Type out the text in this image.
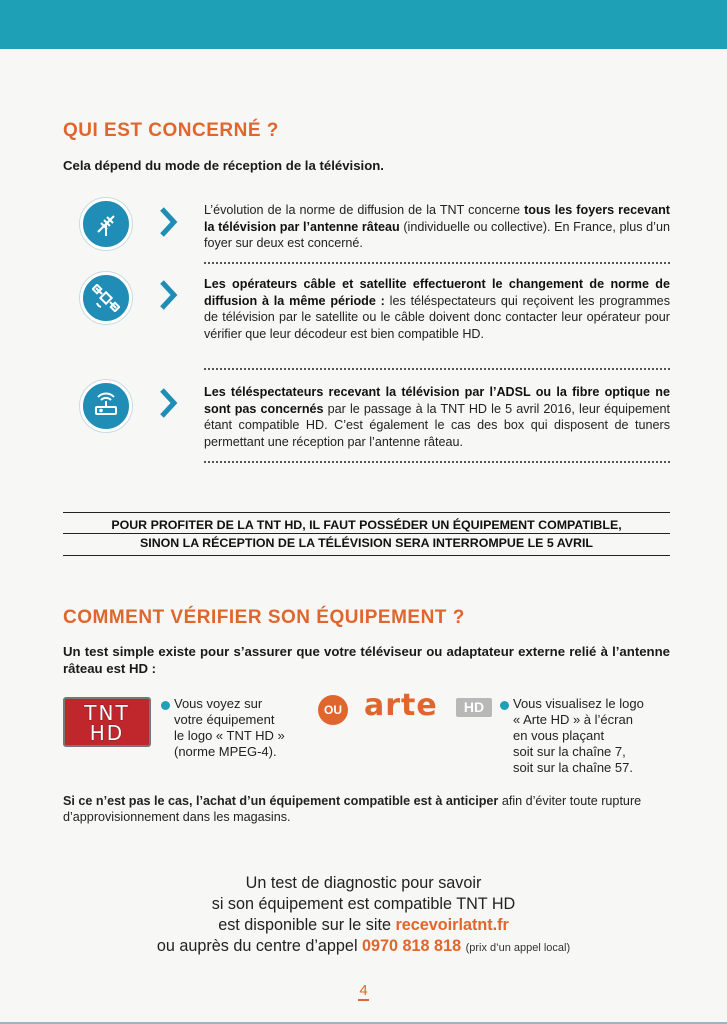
QUI EST CONCERNÉ ?
Cela dépend du mode de réception de la télévision.
L’évolution de la norme de diffusion de la TNT concerne tous les foyers recevant la télévision par l’antenne râteau (individuelle ou collective). En France, plus d’un foyer sur deux est concerné.
Les opérateurs câble et satellite effectueront le changement de norme de diffusion à la même période : les téléspectateurs qui reçoivent les programmes de télévision par le satellite ou le câble doivent donc contacter leur opérateur pour vérifier que leur décodeur est bien compatible HD.
Les téléspectateurs recevant la télévision par l’ADSL ou la fibre optique ne sont pas concernés par le passage à la TNT HD le 5 avril 2016, leur équipement étant compatible HD. C’est également le cas des box qui disposent de tuners permettant une réception par l’antenne râteau.
POUR PROFITER DE LA TNT HD, IL FAUT POSSÉDER UN ÉQUIPEMENT COMPATIBLE,
SINON LA RÉCEPTION DE LA TÉLÉVISION SERA INTERROMPUE LE 5 AVRIL
COMMENT VÉRIFIER SON ÉQUIPEMENT ?
Un test simple existe pour s’assurer que votre téléviseur ou adaptateur externe relié à l’antenne râteau est HD :
TNT
HD
Vous voyez sur
votre équipement
le logo « TNT HD »
(norme MPEG-4).
OU arte	HD	Vous visualisez le logo
« Arte HD » à l’écran
en vous plaçant
soit sur la chaîne 7,
soit sur la chaîne 57.
Si ce n’est pas le cas, l’achat d’un équipement compatible est à anticiper afin d’éviter toute rupture d’approvisionnement dans les magasins.
Un test de diagnostic pour savoir
si son équipement est compatible TNT HD
est disponible sur le site recevoirlatnt.fr
ou auprès du centre d’appel 0970 818 818 (prix d’un appel local)
4
